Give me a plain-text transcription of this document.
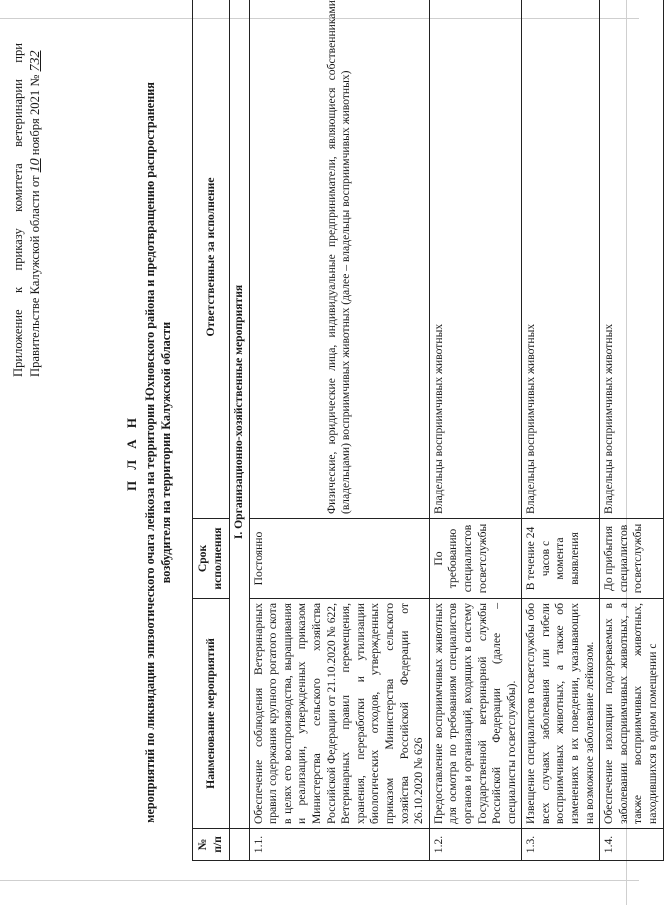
Приложение к приказу комитета ветеринарии при Правительстве Калужской области от 10 ноября 2021 № 732
П Л А Н мероприятий по ликвидации эпизоотического очага лейкоза на территории Юхновского района и предотвращению распространения возбудителя на территории Калужской области
№ п/п	Наименование мероприятий	Срок исполнения	Ответственные за исполнение
	I. Организационно-хозяйственные мероприятия		
1.1.	Обеспечение соблюдения Ветеринарных правил содержания крупного рогатого скота в целях его воспроизводства, выращивания и реализации, утвержденных приказом Министерства сельского хозяйства Российской Федерации от 21.10.2020 № 622, Ветеринарных правил перемещения, хранения, переработки и утилизации биологических отходов, утвержденных приказом Министерства сельского хозяйства Российской Федерации от 26.10.2020 № 626	Постоянно	Физические, юридические лица, индивидуальные предприниматели, являющиеся собственниками (владельцами) восприимчивых животных (далее – владельцы восприимчивых животных)
1.2.	Предоставление восприимчивых животных для осмотра по требованиям специалистов органов и организаций, входящих в систему Государственной ветеринарной службы Российской Федерации (далее – специалисты госветслужбы).	По требованию специалистов госветслужбы	Владельцы восприимчивых животных
1.3.	Извещение специалистов госветслужбы обо всех случаях заболевания или гибели восприимчивых животных, а также об изменениях в их поведении, указывающих на возможное заболевание лейкозом.	В течение 24 часов с момента выявления	Владельцы восприимчивых животных
1.4.	Обеспечение изоляции подозреваемых в заболевании восприимчивых животных, а также восприимчивых животных, находившихся в одном помещении с	До прибытия специалистов госветслужбы	Владельцы восприимчивых животных
